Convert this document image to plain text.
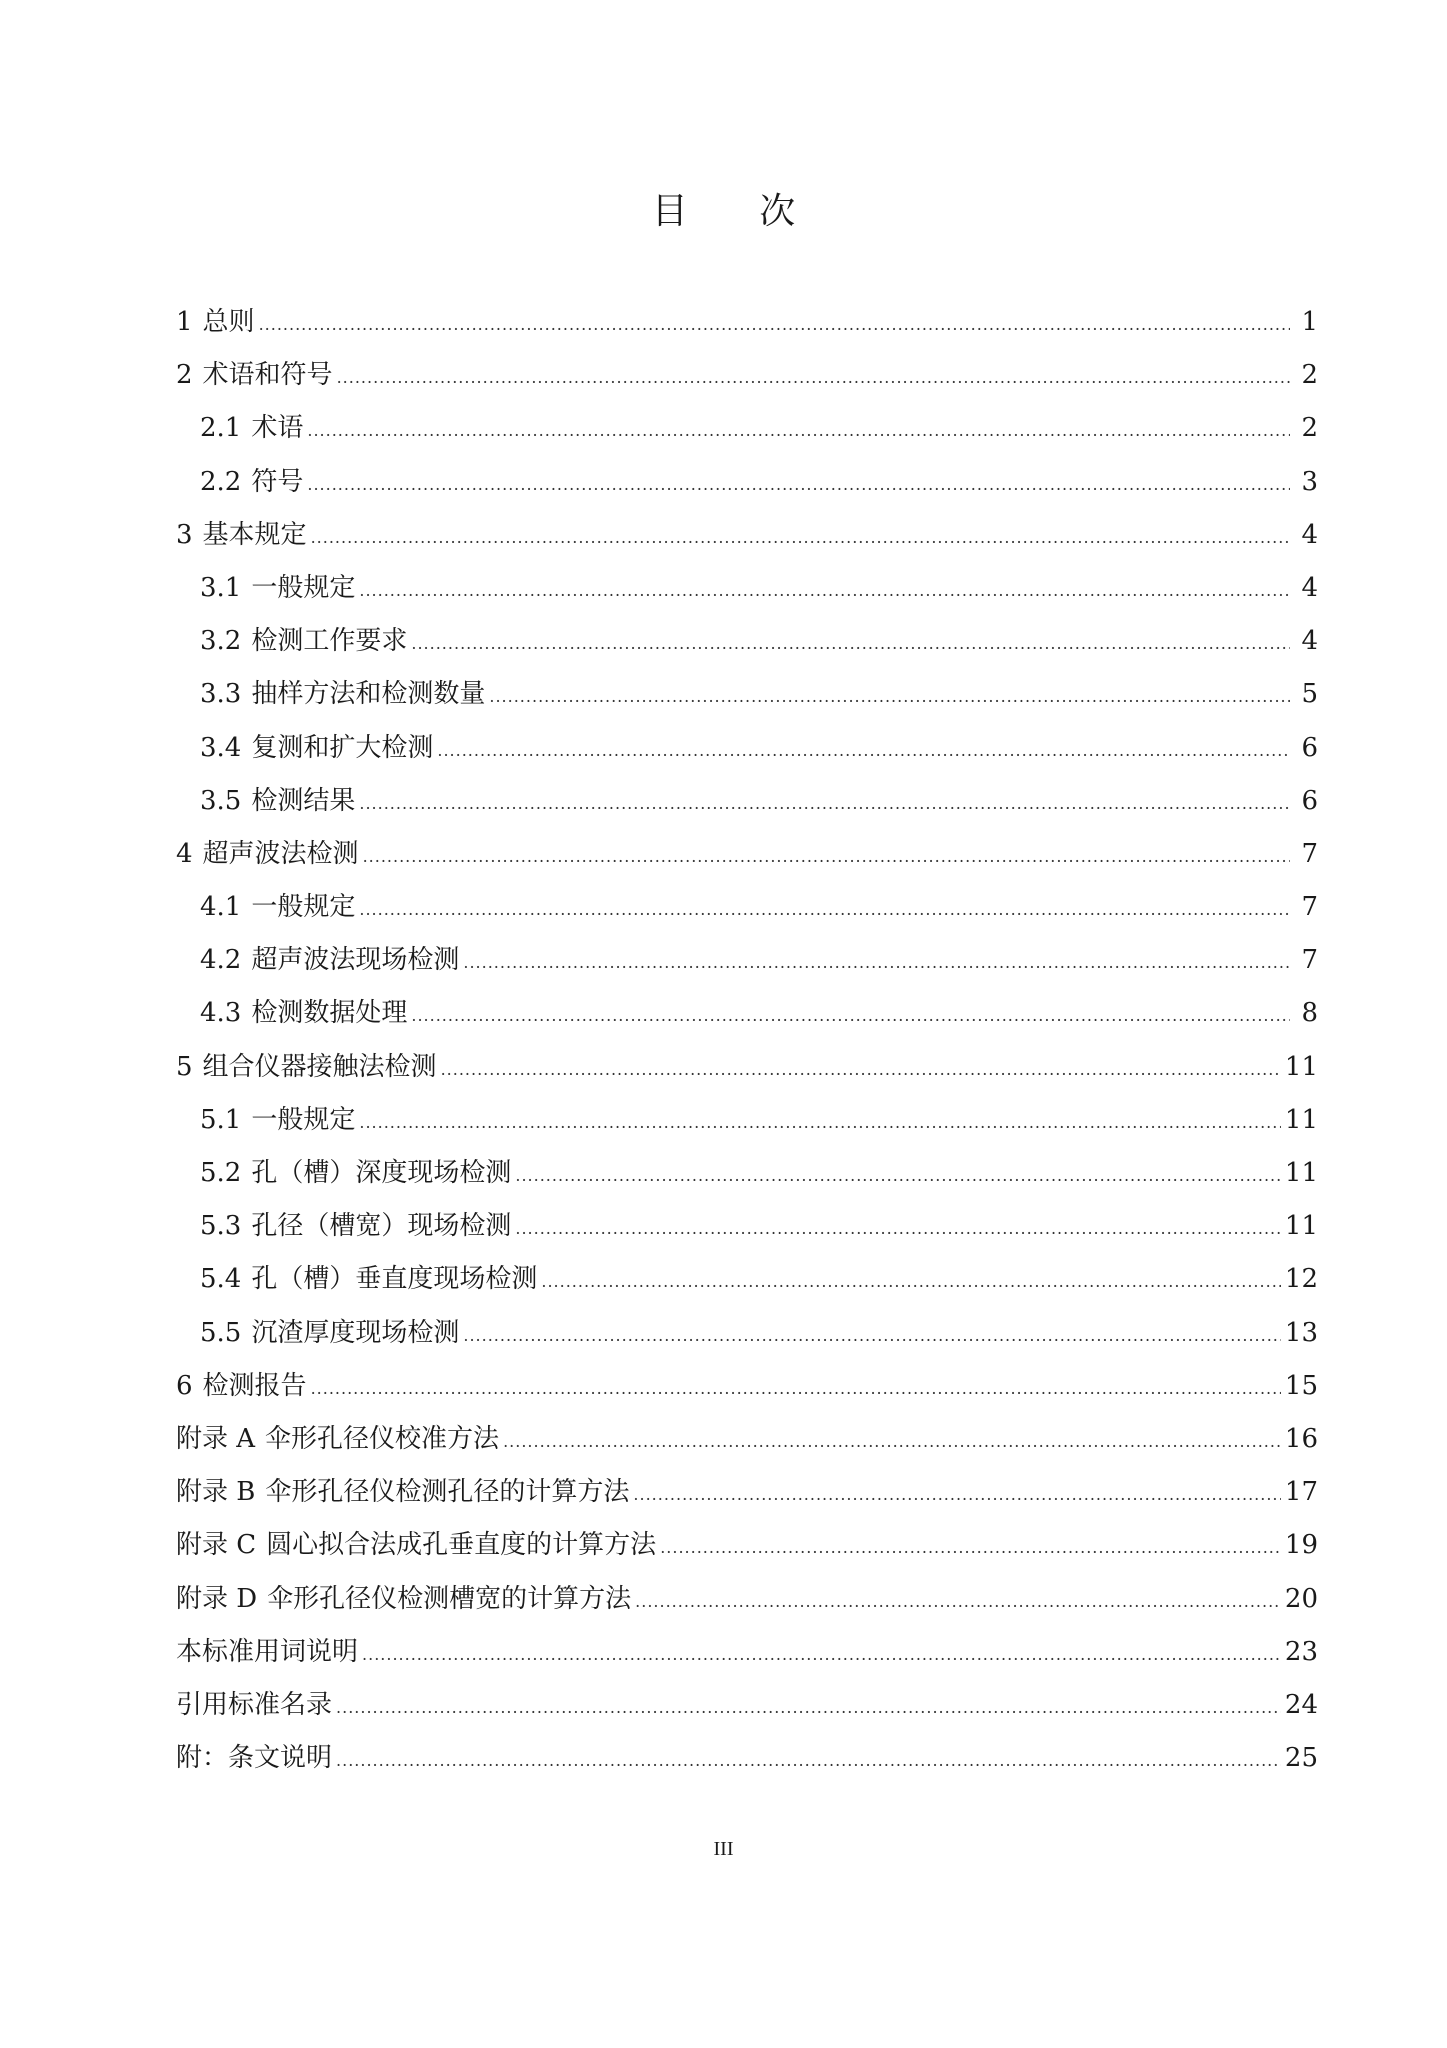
目 次
1 总则 .....	1
2 术语和符号 .....	2
2.1 术语 .....	2
2.2 符号 .....	3
3 基本规定 .....	4
3.1 一般规定 .....	4
3.2 检测工作要求 .....	4
3.3 抽样方法和检测数量 .....	5
3.4 复测和扩大检测 .....	6
3.5 检测结果 .....	6
4 超声波法检测 .....	7
4.1 一般规定 .....	7
4.2 超声波法现场检测 .....	7
4.3 检测数据处理 .....	8
5 组合仪器接触法检测 .....	11
5.1 一般规定 .....	11
5.2 孔（槽）深度现场检测 .....	11
5.3 孔径（槽宽）现场检测 .....	11
5.4 孔（槽）垂直度现场检测 .....	12
5.5 沉渣厚度现场检测 .....	13
6 检测报告 .....	15
附录 A 伞形孔径仪校准方法 .....	16
附录 B 伞形孔径仪检测孔径的计算方法 .....	17
附录 C 圆心拟合法成孔垂直度的计算方法 .....	19
附录 D 伞形孔径仪检测槽宽的计算方法 .....	20
本标准用词说明 .....	23
引用标准名录 .....	24
附：条文说明 .....	25
III
